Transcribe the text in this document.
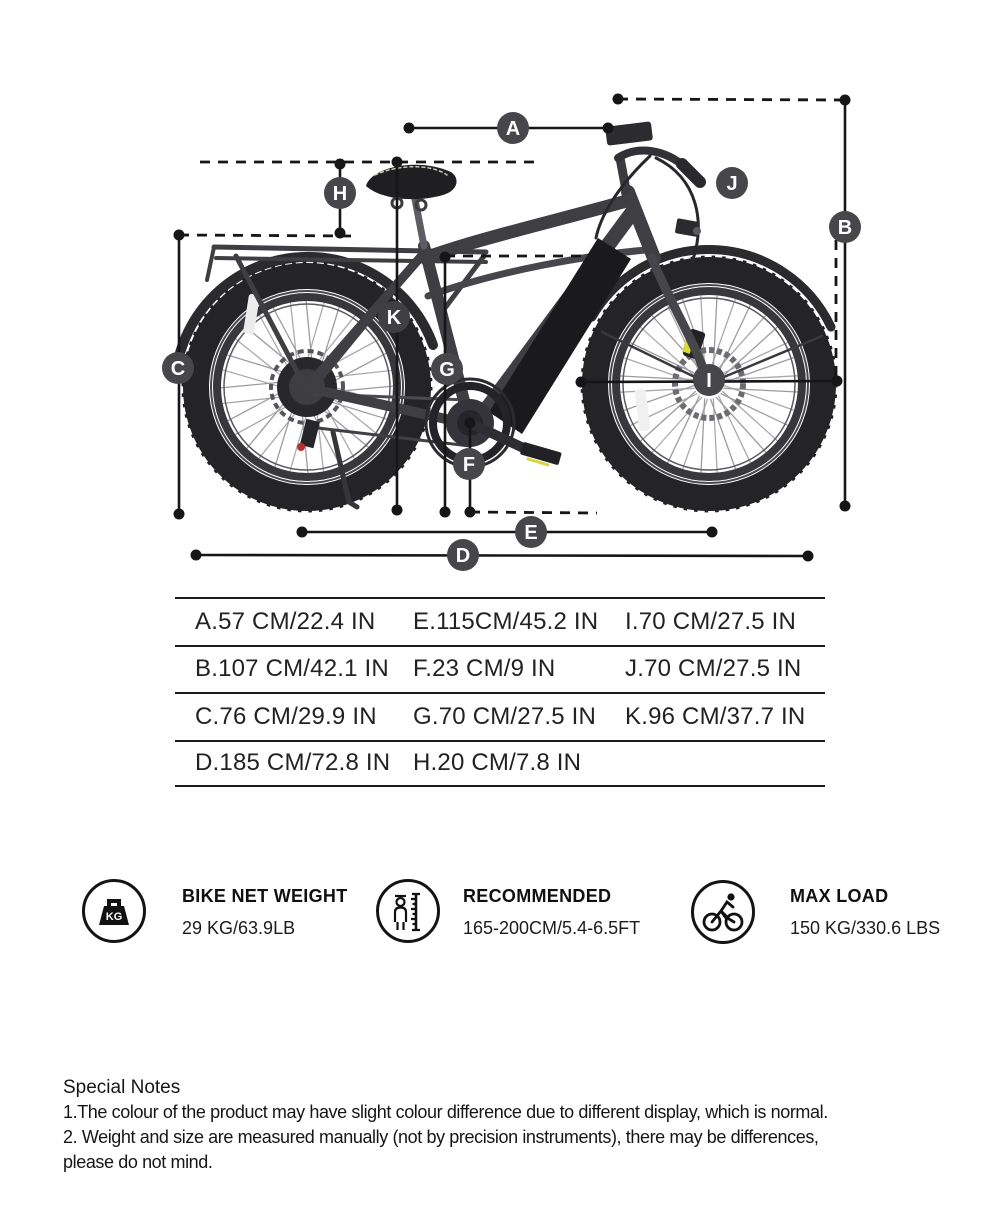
A
B
C
D
E
F
G
H
I
J
K
A.57 CM/22.4 IN	E.115CM/45.2 IN	I.70 CM/27.5 IN
B.107 CM/42.1 IN	F.23 CM/9 IN	J.70 CM/27.5 IN
C.76 CM/29.9 IN	G.70 CM/27.5 IN	K.96 CM/37.7 IN
D.185 CM/72.8 IN H.20 CM/7.8 IN
KG
BIKE NET WEIGHT
29 KG/63.9LB
RECOMMENDED
165-200CM/5.4-6.5FT
MAX LOAD
150 KG/330.6 LBS
Special Notes
1.The colour of the product may have slight colour difference due to different display, which is normal.
2. Weight and size are measured manually (not by precision instruments), there may be differences,
please do not mind.
